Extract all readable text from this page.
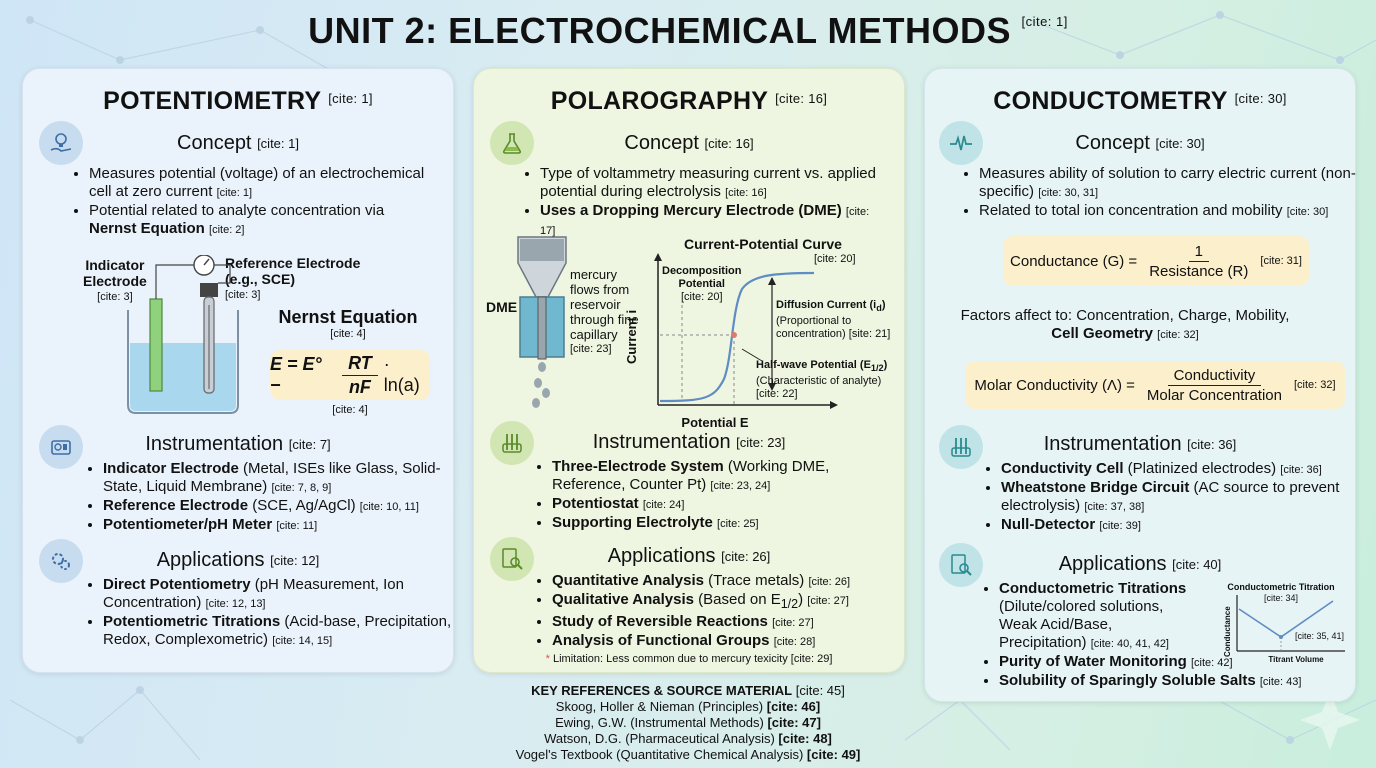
UNIT 2: ELECTROCHEMICAL METHODS [cite: 1]
POTENTIOMETRY [cite: 1]
Concept [cite: 1]
• Measures potential (voltage) of an electrochemical cell at zero current [cite: 1]
• Potential related to analyte concentration via Nernst Equation [cite: 2]
Indicator
Electrode
[cite: 3]
Reference Electrode
(e.g., SCE)
[cite: 3]
Nernst Equation
[cite: 4]
E = E° −	$\frac{RT}{nF} \cdot \ln(a)$
[cite: 4]
Instrumentation [cite: 7]
• Indicator Electrode (Metal, ISEs like Glass, Solid-State, Liquid Membrane) [cite: 7, 8, 9]
• Reference Electrode (SCE, Ag/AgCl) [cite: 10, 11]
• Potentiometer/pH Meter [cite: 11]
Applications [cite: 12]
• Direct Potentiometry (pH Measurement, Ion Concentration) [cite: 12, 13]
• Potentiometric Titrations (Acid-base, Precipitation, Redox, Complexometric) [cite: 14, 15]
POLAROGRAPHY [cite: 16]
Concept [cite: 16]
• Type of voltammetry measuring current vs. applied potential during electrolysis [cite: 16]
• Uses a Dropping Mercury Electrode (DME) [cite: 17]
DME
mercury
flows from
reservoir
through fine
capillary
[cite: 23]
Current-Potential Curve
[cite: 20]
Potential E
Current i
Decomposition
Potential
[cite: 20]
Diffusion Current $(i_d)$
(Proportional to
concentration) [site: 21]
Half-wave Potential $(E_{1/2})$
(Characteristic of analyte)
[cite: 22]
Instrumentation [cite: 23]
• Three-Electrode System (Working DME, Reference, Counter Pt) [cite: 23, 24]
• Potentiostat [cite: 24]
• Supporting Electrolyte [cite: 25]
Applications [cite: 26]
• Quantitative Analysis (Trace metals) [cite: 26]
• Qualitative Analysis (Based on $E_{1/2}$) [cite: 27]
• Study of Reversible Reactions [cite: 27]
• Analysis of Functional Groups [cite: 28]
* Limitation: Less common due to mercury texicity [cite: 29]
CONDUCTOMETRY [cite: 30]
Concept [cite: 30]
• Measures ability of solution to carry electric current (non-specific) [cite: 30, 31]
• Related to total ion concentration and mobility [cite: 30]
Conductance $(G) = \frac{1}{\text{Resistance (R)}}$ [cite: 31]
Factors affect to: Concentration, Charge, Mobility,
Cell Geometry [cite: 32]
Molar Conductivity $(\Lambda) = \frac{\text{Conductivity}}{\text{Molar Concentration}}$ [cite: 32]
Instrumentation [cite: 36]
• Conductivity Cell (Platinized electrodes) [cite: 36]
• Wheatstone Bridge Circuit (AC source to prevent electrolysis) [cite: 37, 38]
• Null-Detector [cite: 39]
Applications [cite: 40]
• Conductometric Titrations
(Dilute/colored solutions,
Weak Acid/Base,
Precipitation) [cite: 40, 41, 42]
• Purity of Water Monitoring [cite: 42]
• Solubility of Sparingly Soluble Salts [cite: 43]
Conductometric Titration
[cite: 34]
Conductance
Titrant Volume
[cite: 35, 41]
KEY REFERENCES & SOURCE MATERIAL [cite: 45]
Skoog, Holler & Nieman (Principles) [cite: 46]
Ewing, G.W. (Instrumental Methods) [cite: 47]
Watson, D.G. (Pharmaceutical Analysis) [cite: 48]
Vogel's Textbook (Quantitative Chemical Analysis) [cite: 49]
